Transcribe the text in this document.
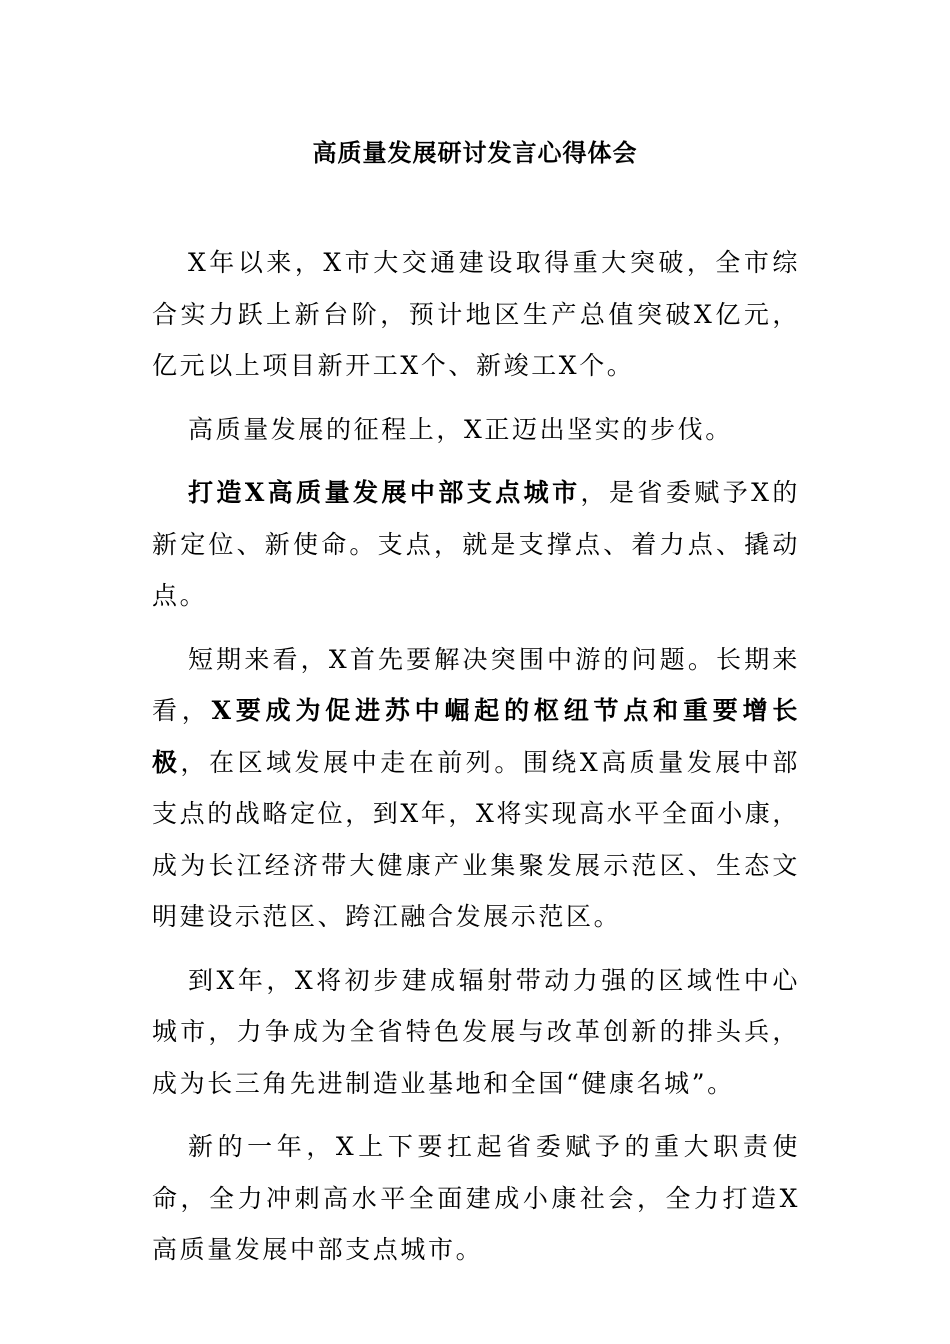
高质量发展研讨发言心得体会

X年以来，X市大交通建设取得重大突破，全市综合实力跃上新台阶，预计地区生产总值突破X亿元，亿元以上项目新开工X个、新竣工X个。

高质量发展的征程上，X正迈出坚实的步伐。

打造X高质量发展中部支点城市，是省委赋予X的新定位、新使命。支点，就是支撑点、着力点、撬动点。

短期来看，X首先要解决突围中游的问题。长期来看，X要成为促进苏中崛起的枢纽节点和重要增长极，在区域发展中走在前列。围绕X高质量发展中部支点的战略定位，到X年，X将实现高水平全面小康，成为长江经济带大健康产业集聚发展示范区、生态文明建设示范区、跨江融合发展示范区。

到X年，X将初步建成辐射带动力强的区域性中心城市，力争成为全省特色发展与改革创新的排头兵，成为长三角先进制造业基地和全国“健康名城”。

新的一年，X上下要扛起省委赋予的重大职责使命，全力冲刺高水平全面建成小康社会，全力打造X高质量发展中部支点城市。
